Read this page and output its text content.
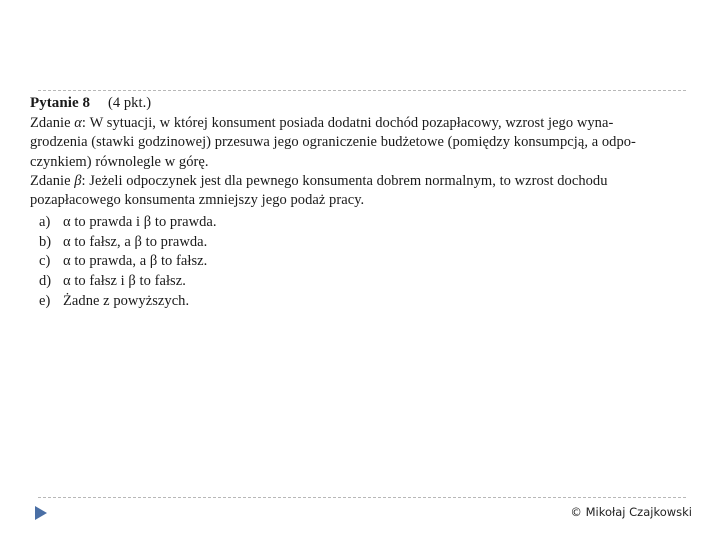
Pytanie 8 (4 pkt.)
Zdanie α: W sytuacji, w której konsument posiada dodatni dochód pozapłacowy, wzrost jego wyna-
grodzenia (stawki godzinowej) przesuwa jego ograniczenie budżetowe (pomiędzy konsumpcją, a odpo-
czynkiem) równolegle w górę.
Zdanie β: Jeżeli odpoczynek jest dla pewnego konsumenta dobrem normalnym, to wzrost dochodu
pozapłacowego konsumenta zmniejszy jego podaż pracy.
a) α to prawda i β to prawda.
b) α to fałsz, a β to prawda.
c) α to prawda, a β to fałsz.
d) α to fałsz i β to fałsz.
e) Żadne z powyższych.
© Mikołaj Czajkowski
